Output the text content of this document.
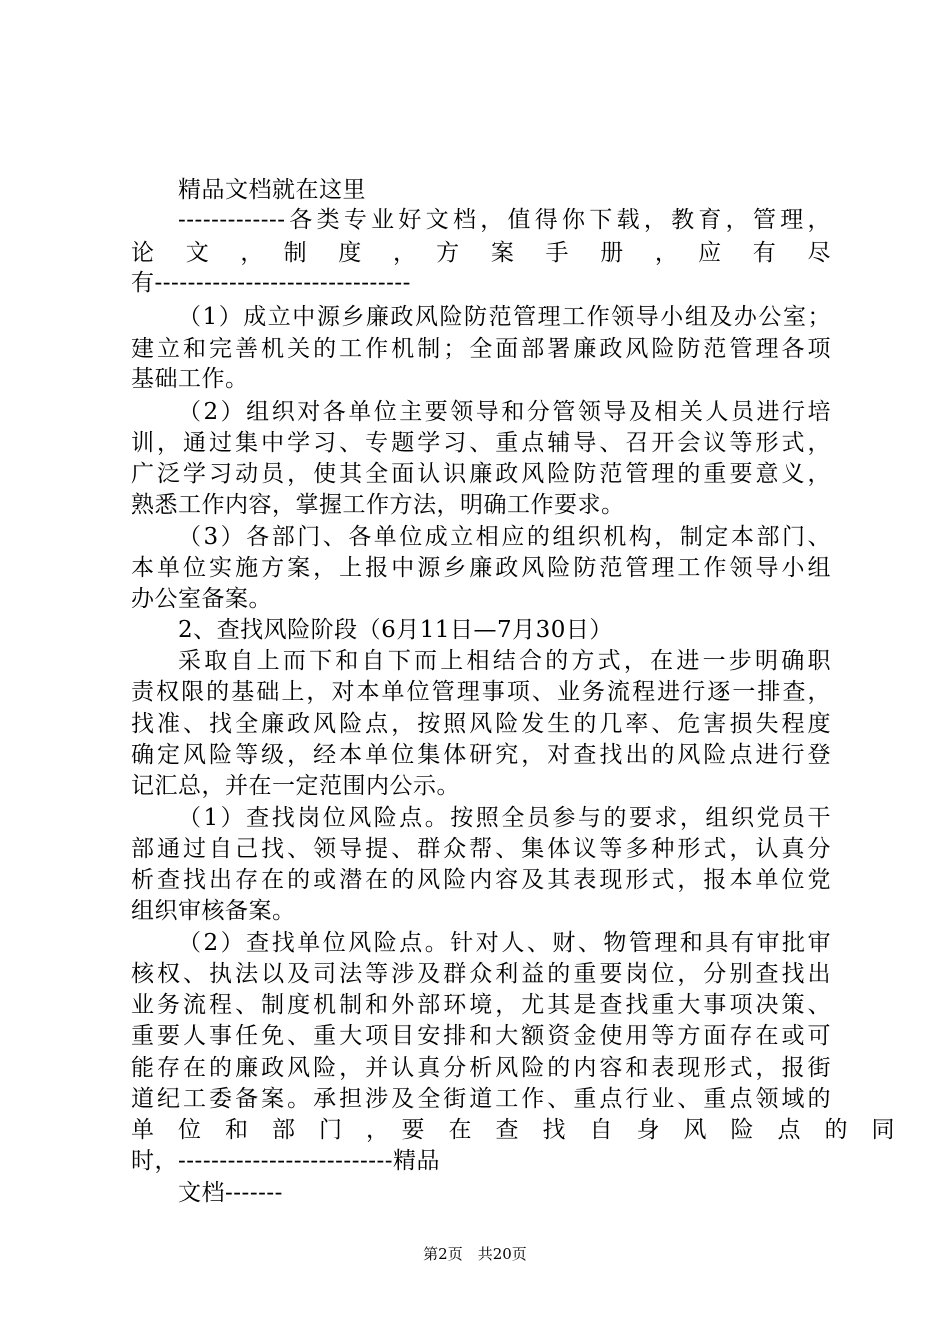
精品文档就在这里
-------------各类专业好文档，值得你下载，教育，管理，
论　文　，　制　度　，　方　案　手　册　，　应　有　尽
有-------------------------------
（1）成立中源乡廉政风险防范管理工作领导小组及办公室；
建立和完善机关的工作机制；全面部署廉政风险防范管理各项
基础工作。
（2）组织对各单位主要领导和分管领导及相关人员进行培
训，通过集中学习、专题学习、重点辅导、召开会议等形式，
广泛学习动员，使其全面认识廉政风险防范管理的重要意义，
熟悉工作内容，掌握工作方法，明确工作要求。
（3）各部门、各单位成立相应的组织机构，制定本部门、
本单位实施方案，上报中源乡廉政风险防范管理工作领导小组
办公室备案。
2、查找风险阶段（6月11日—7月30日）
采取自上而下和自下而上相结合的方式，在进一步明确职
责权限的基础上，对本单位管理事项、业务流程进行逐一排查，
找准、找全廉政风险点，按照风险发生的几率、危害损失程度
确定风险等级，经本单位集体研究，对查找出的风险点进行登
记汇总，并在一定范围内公示。
（1）查找岗位风险点。按照全员参与的要求，组织党员干
部通过自己找、领导提、群众帮、集体议等多种形式，认真分
析查找出存在的或潜在的风险内容及其表现形式，报本单位党
组织审核备案。
（2）查找单位风险点。针对人、财、物管理和具有审批审
核权、执法以及司法等涉及群众利益的重要岗位，分别查找出
业务流程、制度机制和外部环境，尤其是查找重大事项决策、
重要人事任免、重大项目安排和大额资金使用等方面存在或可
能存在的廉政风险，并认真分析风险的内容和表现形式，报街
道纪工委备案。承担涉及全街道工作、重点行业、重点领域的
单　位　和　部　门　，　要　在　查　找　自　身　风　险　点　的　同
时，--------------------------精品
文档-------
第2页　共20页
